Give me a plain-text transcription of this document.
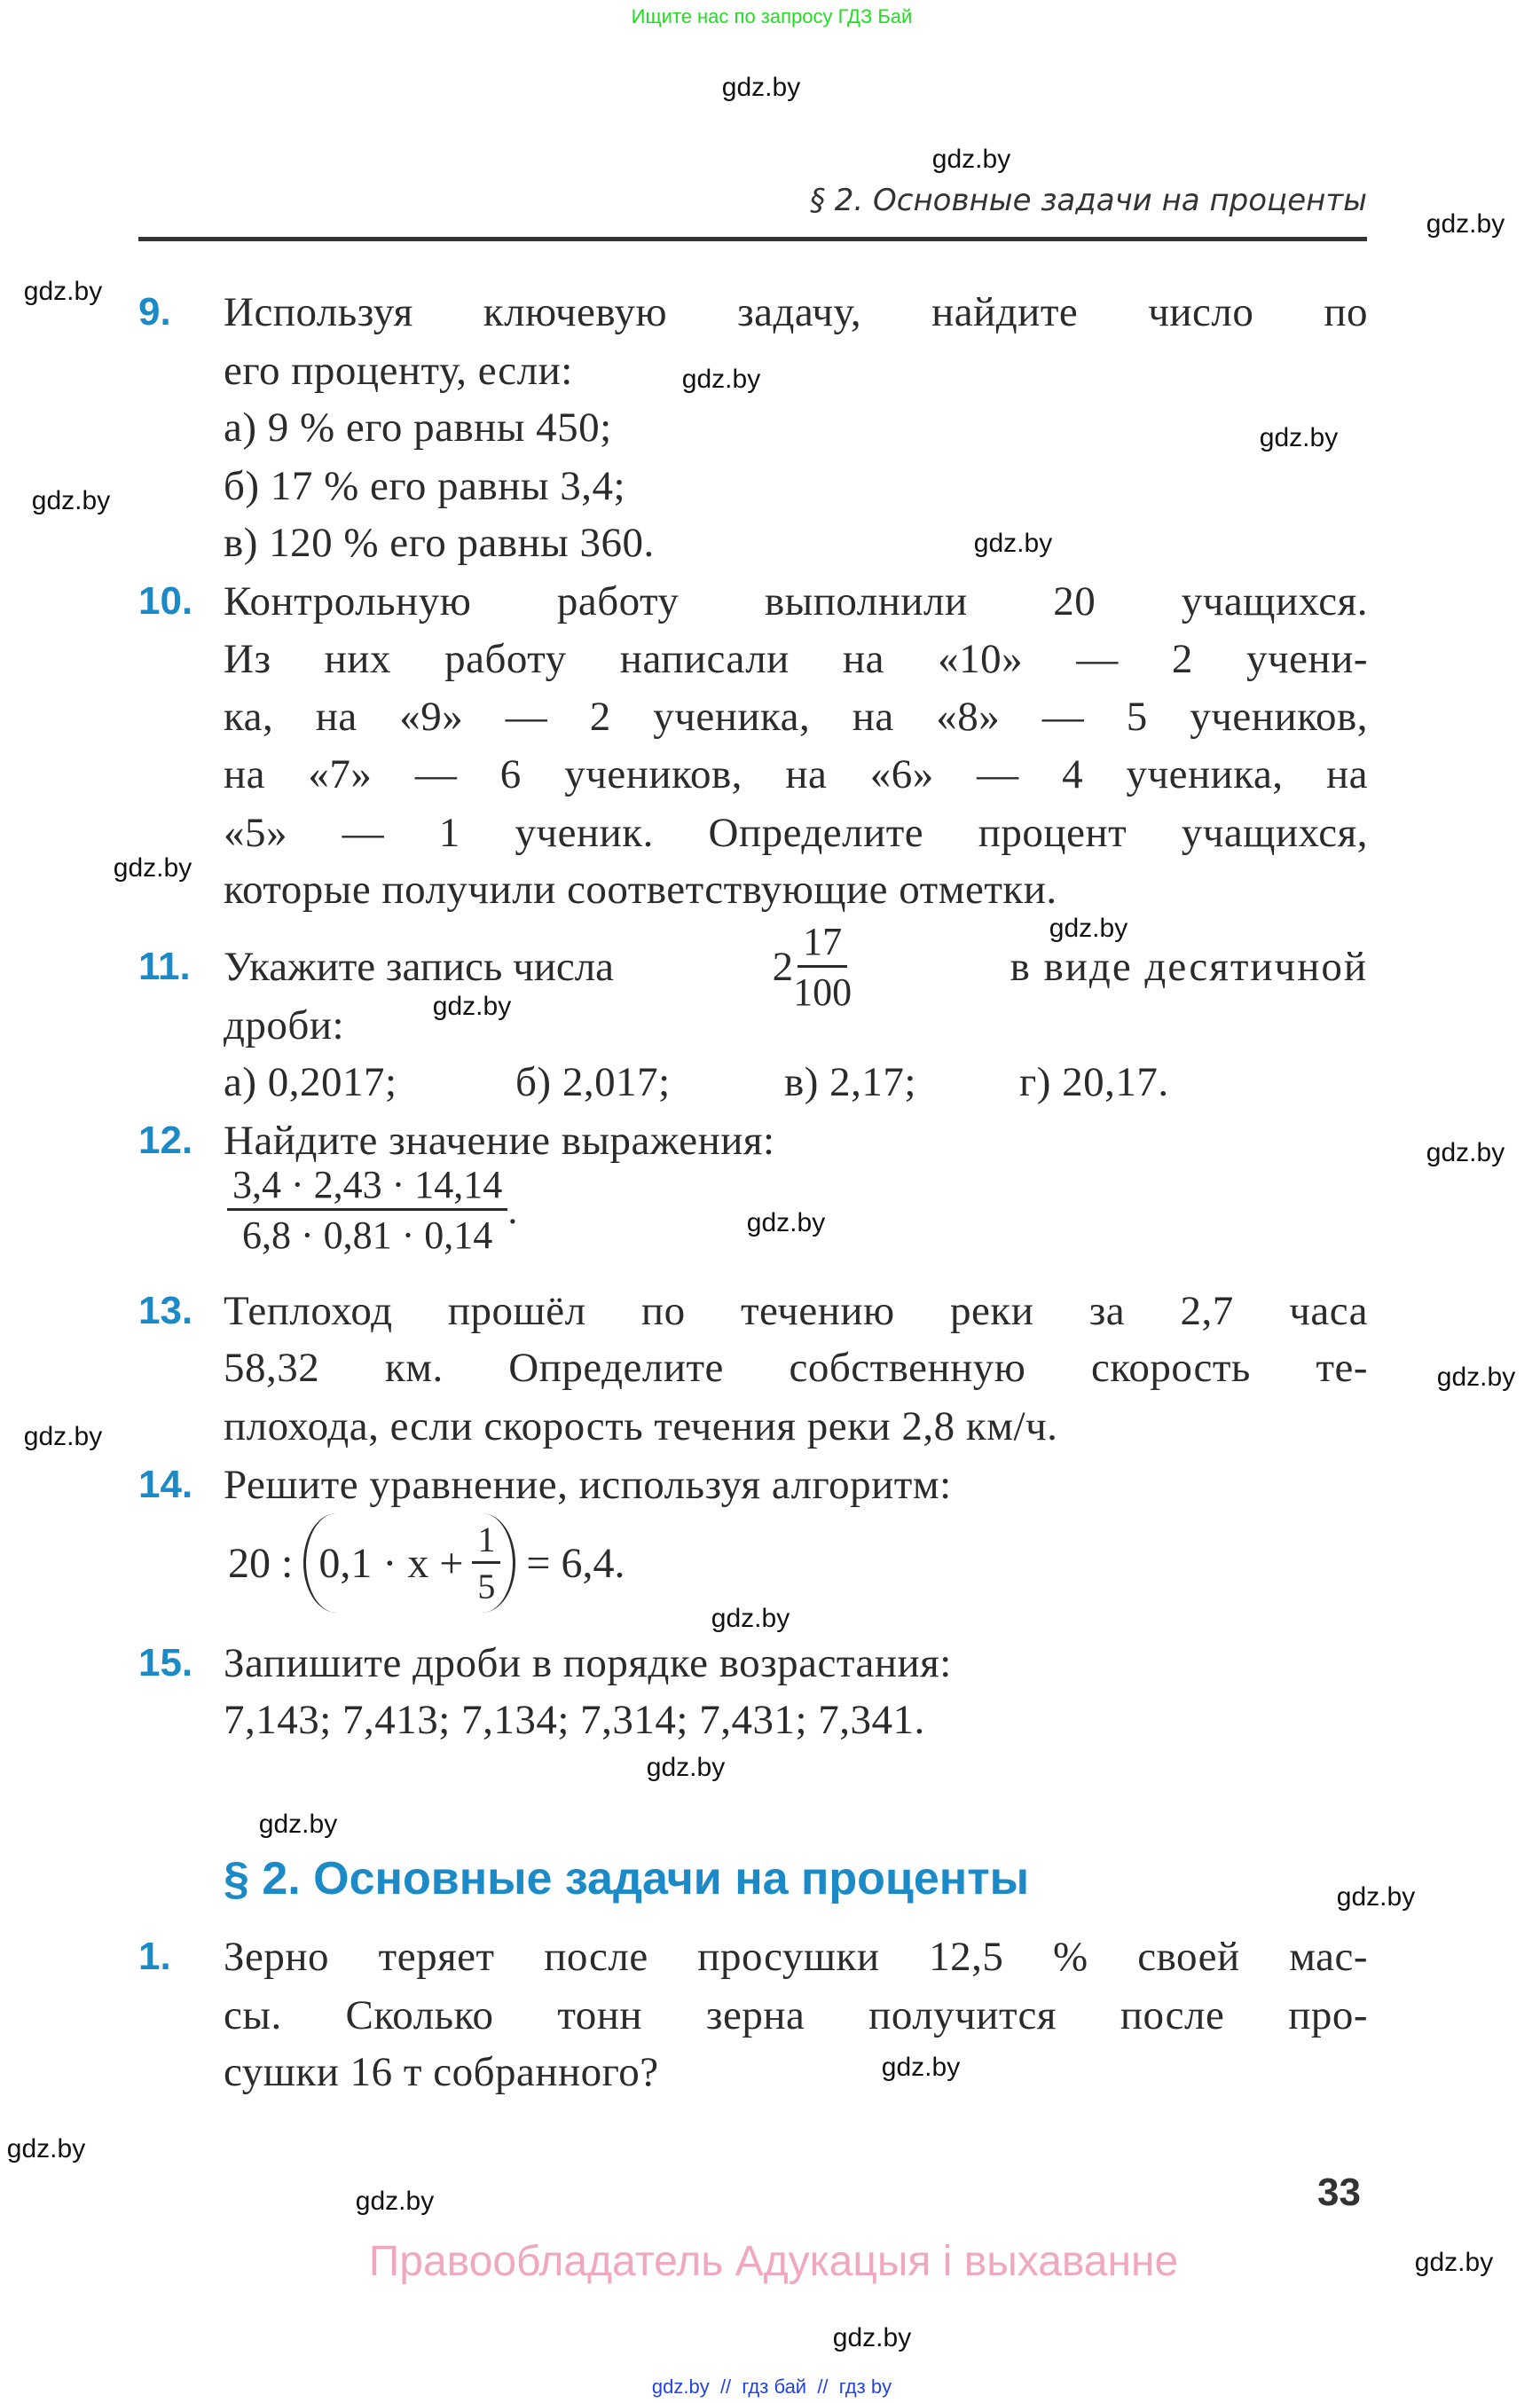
Ищите нас по запросу ГДЗ Бай
§ 2. Основные задачи на проценты
gdz.by
gdz.by
gdz.by
gdz.by
gdz.by
gdz.by
gdz.by
gdz.by
gdz.by
gdz.by
gdz.by
gdz.by
gdz.by
gdz.by
gdz.by
gdz.by
gdz.by
gdz.by
gdz.by
gdz.by
gdz.by
gdz.by
gdz.by
gdz.by
9. Используя ключевую задачу, найдите число по
его проценту, если:
а) 9 % его равны 450;
б) 17 % его равны 3,4;
в) 120 % его равны 360.
10. Контрольную работу выполнили 20 учащихся.
Из них работу написали на «10» — 2 учени-
ка, на «9» — 2 ученика, на «8» — 5 учеников,
на «7» — 6 учеников, на «6» — 4 ученика, на
«5» — 1 ученик. Определите процент учащихся,
которые получили соответствующие отметки.
11. Укажите запись числа	$2 \frac{17}{100}$	в виде десятичной
дроби:
а) 0,2017;	б) 2,017;	в) 2,17; г) 20,17.
12. Найдите значение выражения:
$\frac{3,4 \cdot 2,43 \cdot 14,14}{6,8 \cdot 0,81 \cdot 0,14}$ .
13. Теплоход прошёл по течению реки за 2,7 часа
58,32 км. Определите собственную скорость те-
плохода, если скорость течения реки 2,8 км/ч.
14. Решите уравнение, используя алгоритм:
20 : $0,1 \cdot x + \frac{1}{5} = 6,4$.
15. Запишите дроби в порядке возрастания:
7,143; 7,413; 7,134; 7,314; 7,431; 7,341.
§ 2. Основные задачи на проценты
1. Зерно теряет после просушки 12,5 % своей мас-
сы. Сколько тонн зерна получится после про-
сушки 16 т собранного?
33
Правообладатель Адукацыя і выхаванне
gdz.by  //  гдз бай  //  гдз by
